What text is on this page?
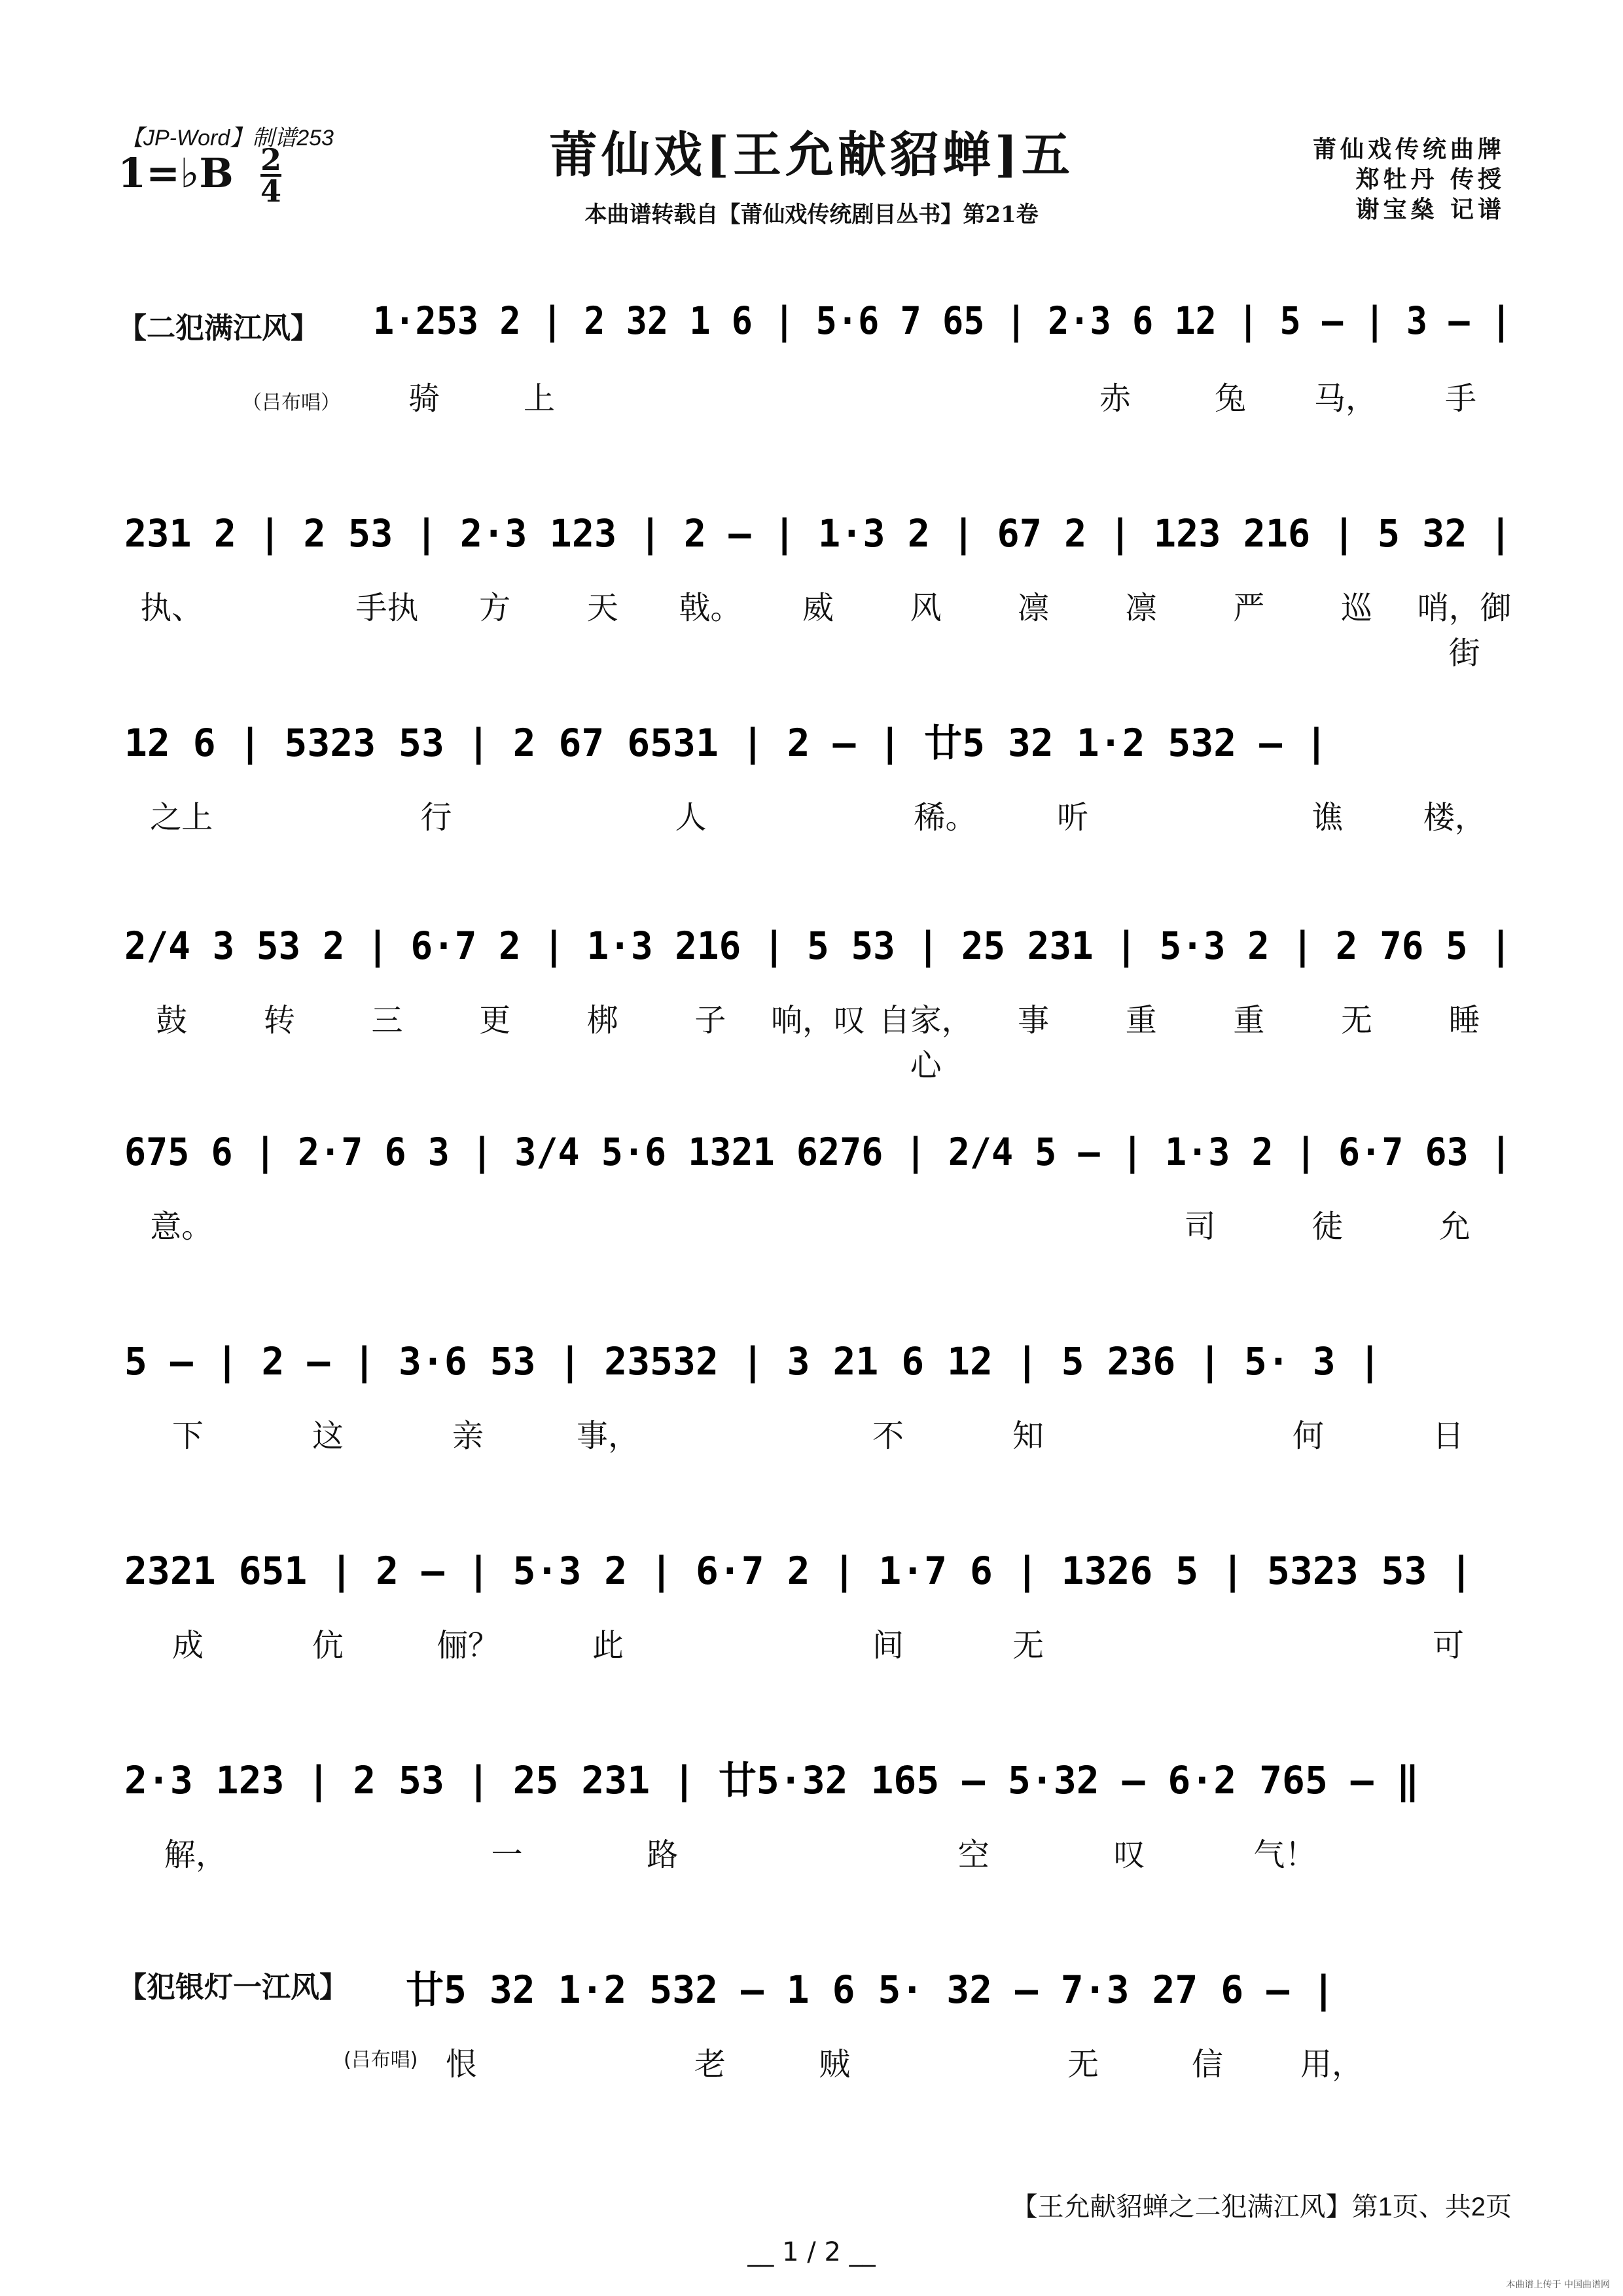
【JP-Word】制谱253
1=♭B 2
4
莆仙戏[王允献貂蝉]五
本曲谱转载自【莆仙戏传统剧目丛书】第21卷
莆仙戏传统曲牌
郑牡丹 传授
谢宝燊 记谱
【二犯满江风】
（吕布唱）
【犯银灯一江风】
(吕布唱)
1·253 2 | 2 32 1 6 | 5·6 7 65 | 2·3 6 12 | 5 – | 3 – |
骑	上	赤	兔	马，	手
231 2 | 2 53 | 2·3 123 | 2 – | 1·3 2 | 67 2 | 123 216 | 5 32 |
执、	手执	方	天	戟。	威	风	凛	凛	严	巡	哨，御街
12 6 | 5323 53 | 2 67 6531 | 2 – | 廿5 32 1·2 532 – |
之上	行	人	稀。	听	谯	楼，
2/4 3 53 2 | 6·7 2 | 1·3 216 | 5 53 | 25 231 | 5·3 2 | 2 76 5 |
鼓	转	三	更	梆	子	响，叹 自家，心
事	重	重	无	睡
675 6 | 2·7 6 3 | 3/4 5·6 1321 6276 | 2/4 5 – | 1·3 2 | 6·7 63 |
意。	司	徒	允
5 – | 2 – | 3·6 53 | 23532 | 3 21 6 12 | 5 236 | 5· 3 |
下	这	亲	事，	不	知	何	日
2321 651 | 2 – | 5·3 2 | 6·7 2 | 1·7 6 | 1326 5 | 5323 53 |
成	伉	俪？	此	间	无	可
2·3 123 | 2 53 | 25 231 | 廿5·32 165 – 5·32 – 6·2 765 – ‖
解，	一	路	空	叹	气！
廿5 32 1·2 532 – 1 6 5· 32 – 7·3 27 6 – |
恨	老	贼	无	信	用，
【王允献貂蝉之二犯满江风】第1页、共2页
__ 1 / 2 __
本曲谱上传于 中国曲谱网
